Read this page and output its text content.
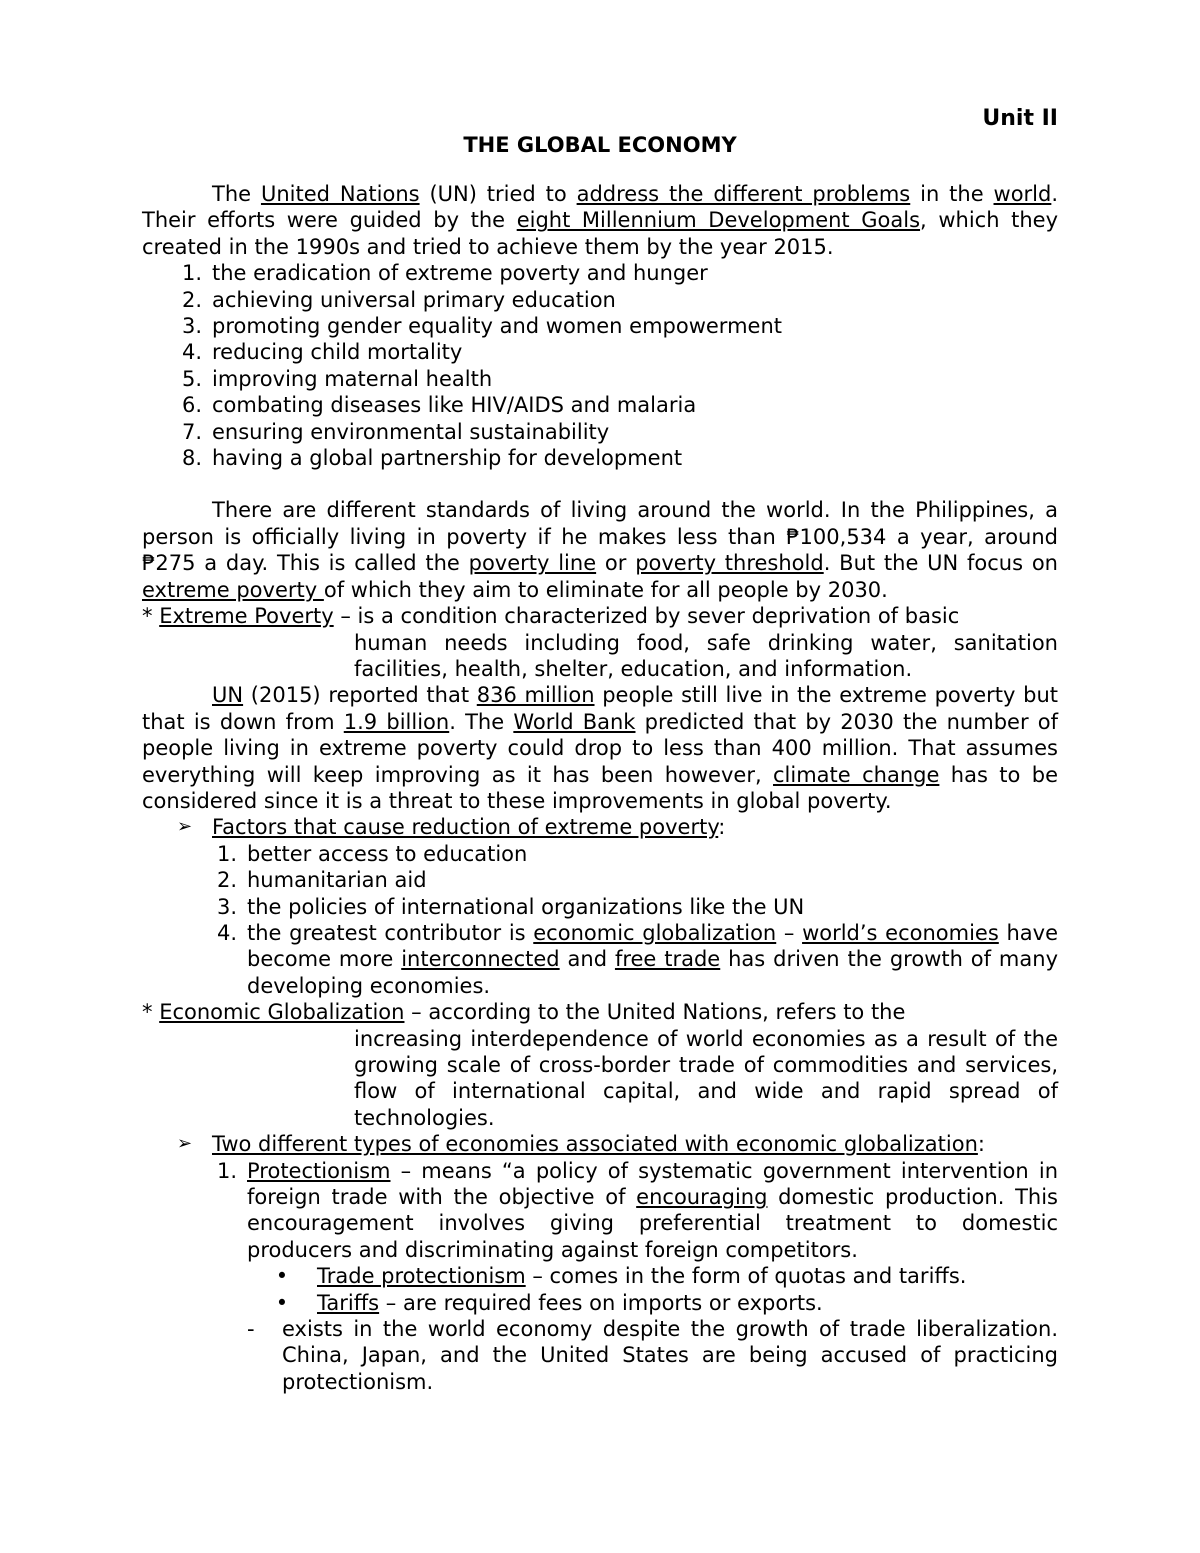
Unit II
THE GLOBAL ECONOMY

The United Nations (UN) tried to address the different problems in the world. Their efforts were guided by the eight Millennium Development Goals, which they created in the 1990s and tried to achieve them by the year 2015.

1. the eradication of extreme poverty and hunger
2. achieving universal primary education
3. promoting gender equality and women empowerment
4. reducing child mortality
5. improving maternal health
6. combating diseases like HIV/AIDS and malaria
7. ensuring environmental sustainability
8. having a global partnership for development

There are different standards of living around the world. In the Philippines, a person is officially living in poverty if he makes less than ₱100,534 a year, around ₱275 a day. This is called the poverty line or poverty threshold. But the UN focus on extreme poverty of which they aim to eliminate for all people by 2030.

* Extreme Poverty – is a condition characterized by sever deprivation of basic
human needs including food, safe drinking water, sanitation facilities, health, shelter, education, and information.

UN (2015) reported that 836 million people still live in the extreme poverty but that is down from 1.9 billion. The World Bank predicted that by 2030 the number of people living in extreme poverty could drop to less than 400 million. That assumes everything will keep improving as it has been however, climate change has to be considered since it is a threat to these improvements in global poverty.

➢ Factors that cause reduction of extreme poverty:
1. better access to education
2. humanitarian aid
3. the policies of international organizations like the UN
4. the greatest contributor is economic globalization – world’s economies have become more interconnected and free trade has driven the growth of many developing economies.
* Economic Globalization – according to the United Nations, refers to the
increasing interdependence of world economies as a result of the growing scale of cross-border trade of commodities and services, flow of international capital, and wide and rapid spread of technologies.
➢ Two different types of economies associated with economic globalization:
1. Protectionism – means “a policy of systematic government intervention in foreign trade with the objective of encouraging domestic production. This encouragement involves giving preferential treatment to domestic producers and discriminating against foreign competitors.
•	Trade protectionism – comes in the form of quotas and tariffs.
•	Tariffs – are required fees on imports or exports.
-	exists in the world economy despite the growth of trade liberalization. China, Japan, and the United States are being accused of practicing protectionism.
